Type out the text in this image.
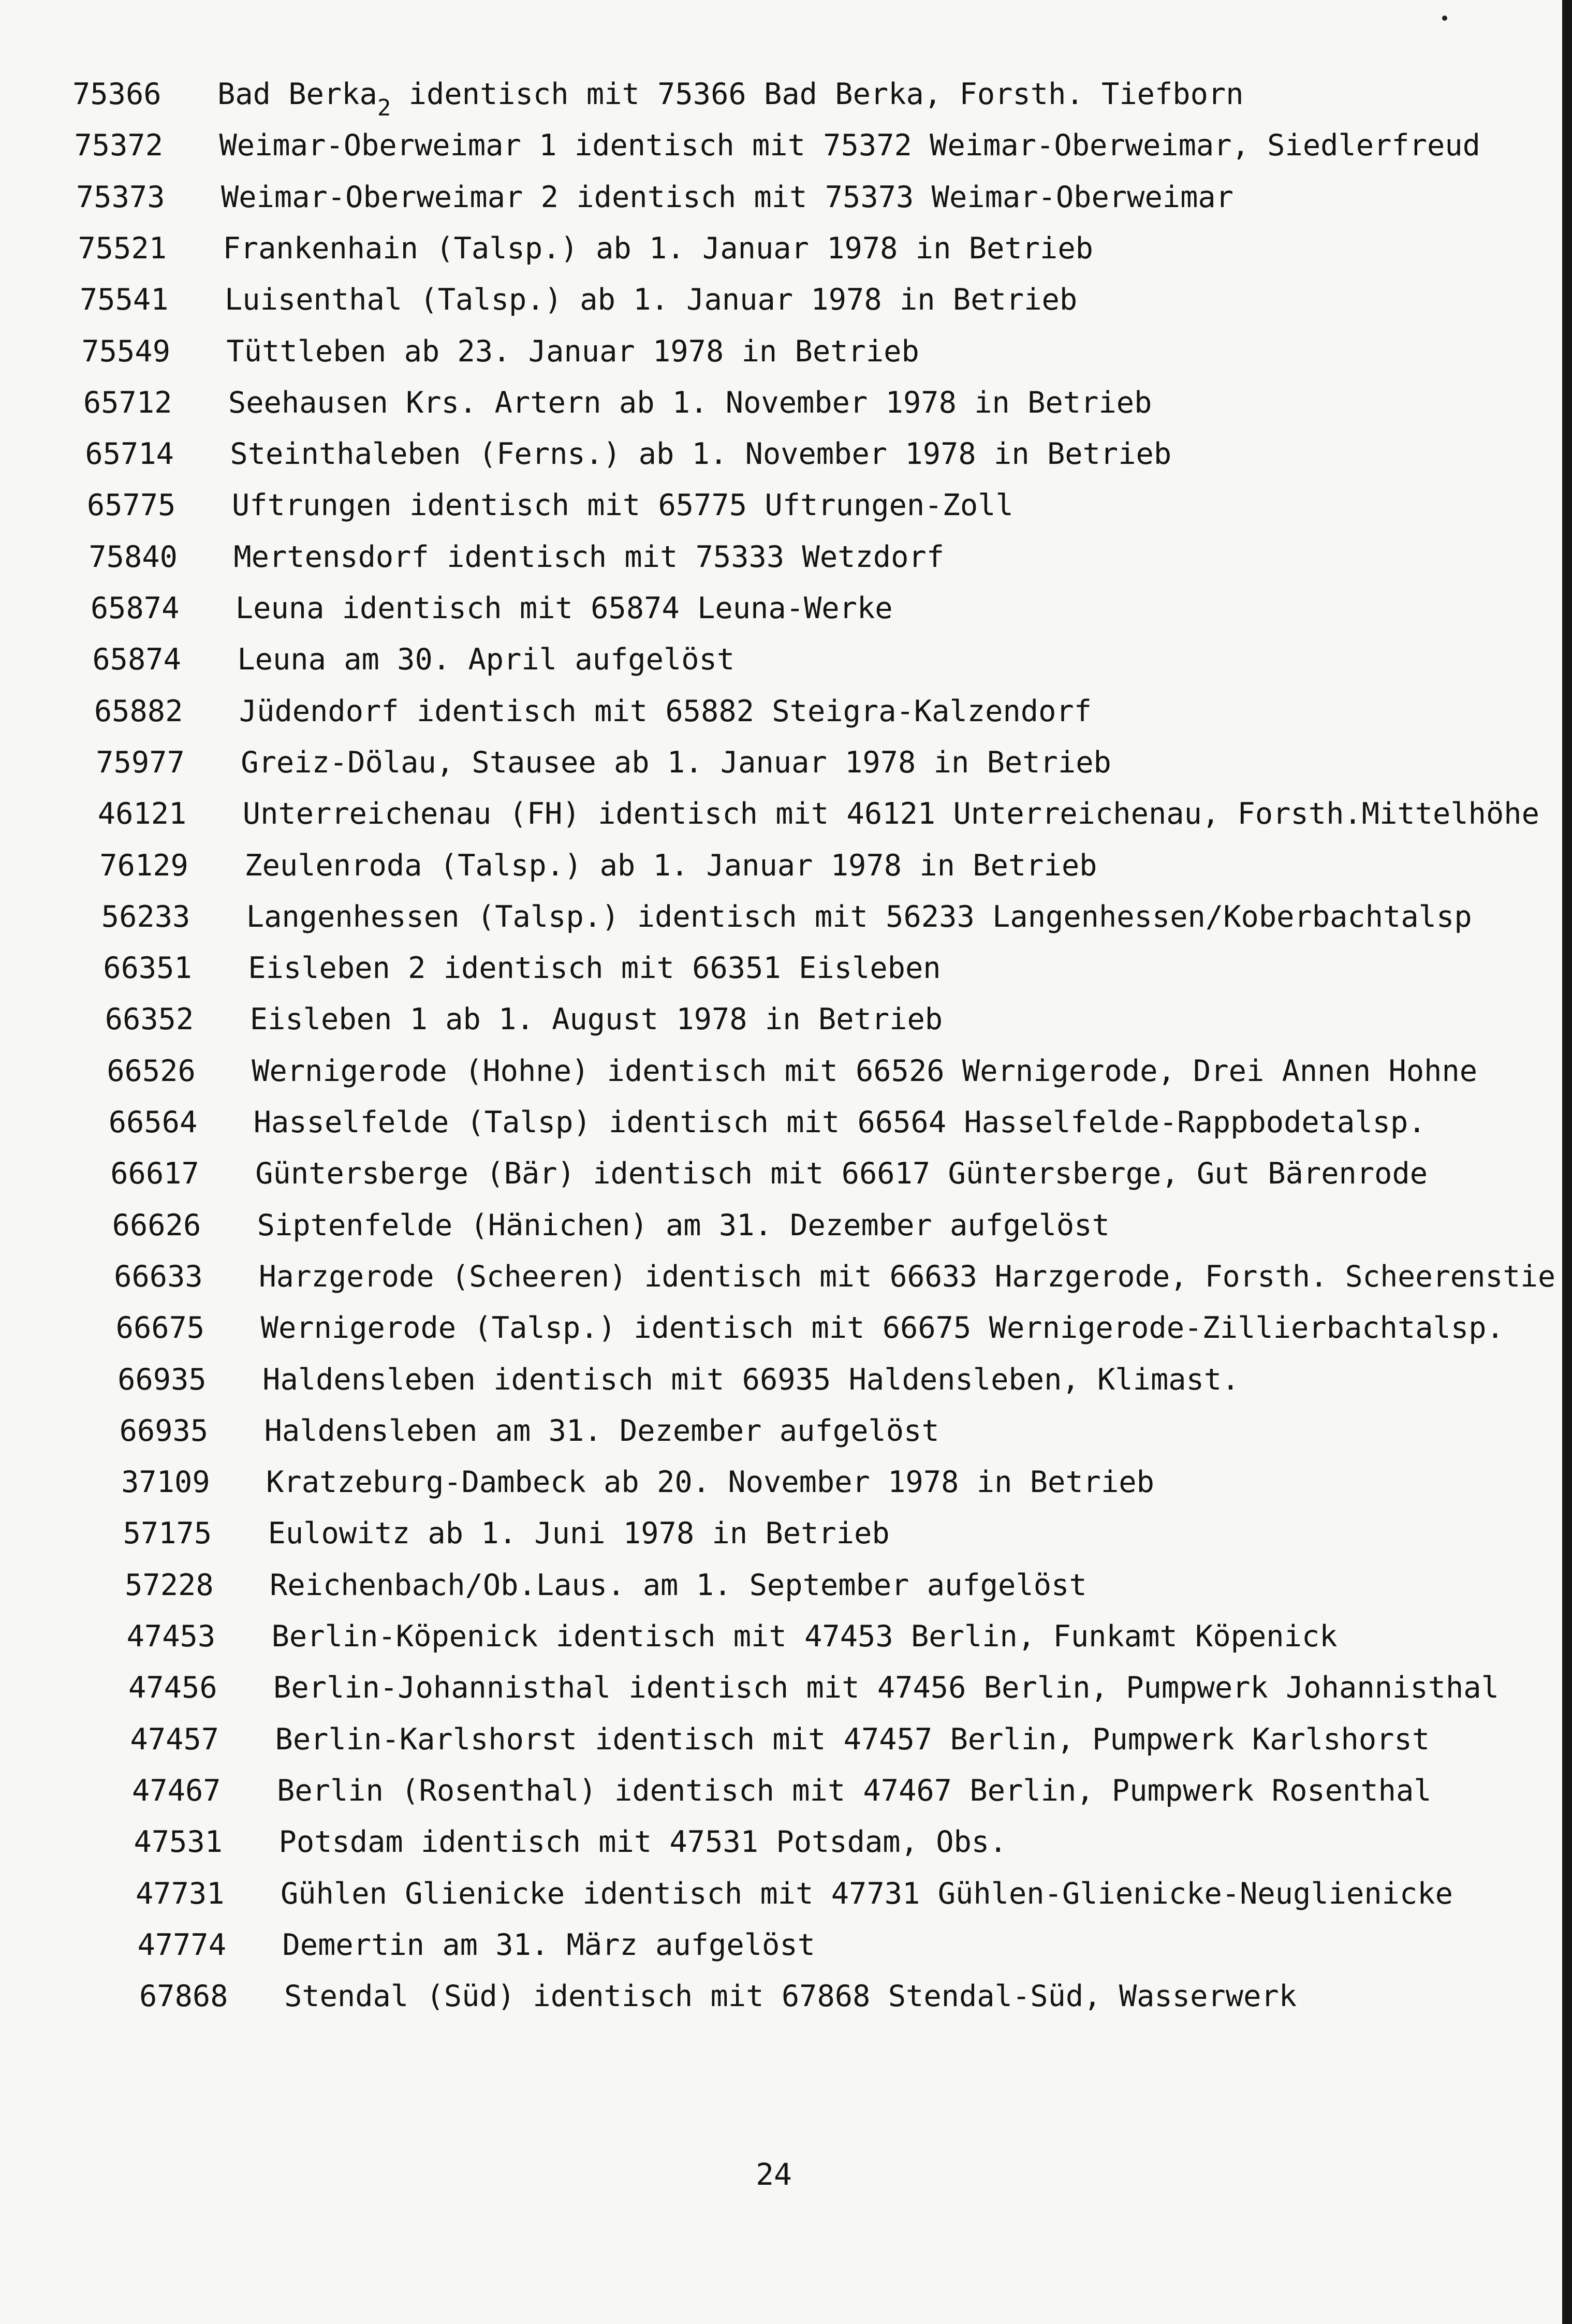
75366 Bad Berka$_2$ identisch mit 75366 Bad Berka, Forsth. Tiefborn
75372 Weimar-Oberweimar 1 identisch mit 75372 Weimar-Oberweimar, Siedlerfreud
75373 Weimar-Oberweimar 2 identisch mit 75373 Weimar-Oberweimar
75521 Frankenhain (Talsp.) ab 1. Januar 1978 in Betrieb
75541 Luisenthal (Talsp.) ab 1. Januar 1978 in Betrieb
75549 Tüttleben ab 23. Januar 1978 in Betrieb
65712 Seehausen Krs. Artern ab 1. November 1978 in Betrieb
65714 Steinthaleben (Ferns.) ab 1. November 1978 in Betrieb
65775 Uftrungen identisch mit 65775 Uftrungen-Zoll
75840 Mertensdorf identisch mit 75333 Wetzdorf
65874 Leuna identisch mit 65874 Leuna-Werke
65874 Leuna am 30. April aufgelöst
65882 Jüdendorf identisch mit 65882 Steigra-Kalzendorf
75977 Greiz-Dölau, Stausee ab 1. Januar 1978 in Betrieb
46121 Unterreichenau (FH) identisch mit 46121 Unterreichenau, Forsth.Mittelhöhe
76129 Zeulenroda (Talsp.) ab 1. Januar 1978 in Betrieb
56233 Langenhessen (Talsp.) identisch mit 56233 Langenhessen/Koberbachtalsp
66351 Eisleben 2 identisch mit 66351 Eisleben
66352 Eisleben 1 ab 1. August 1978 in Betrieb
66526 Wernigerode (Hohne) identisch mit 66526 Wernigerode, Drei Annen Hohne
66564 Hasselfelde (Talsp) identisch mit 66564 Hasselfelde-Rappbodetalsp.
66617 Güntersberge (Bär) identisch mit 66617 Güntersberge, Gut Bärenrode
66626 Siptenfelde (Hänichen) am 31. Dezember aufgelöst
66633 Harzgerode (Scheeren) identisch mit 66633 Harzgerode, Forsth. Scheerenstie
66675 Wernigerode (Talsp.) identisch mit 66675 Wernigerode-Zillierbachtalsp.
66935 Haldensleben identisch mit 66935 Haldensleben, Klimast.
66935 Haldensleben am 31. Dezember aufgelöst
37109 Kratzeburg-Dambeck ab 20. November 1978 in Betrieb
57175 Eulowitz ab 1. Juni 1978 in Betrieb
57228 Reichenbach/Ob.Laus. am 1. September aufgelöst
47453 Berlin-Köpenick identisch mit 47453 Berlin, Funkamt Köpenick
47456 Berlin-Johannisthal identisch mit 47456 Berlin, Pumpwerk Johannisthal
47457 Berlin-Karlshorst identisch mit 47457 Berlin, Pumpwerk Karlshorst
47467 Berlin (Rosenthal) identisch mit 47467 Berlin, Pumpwerk Rosenthal
47531 Potsdam identisch mit 47531 Potsdam, Obs.
47731 Gühlen Glienicke identisch mit 47731 Gühlen-Glienicke-Neuglienicke
47774 Demertin am 31. März aufgelöst
67868 Stendal (Süd) identisch mit 67868 Stendal-Süd, Wasserwerk
24
